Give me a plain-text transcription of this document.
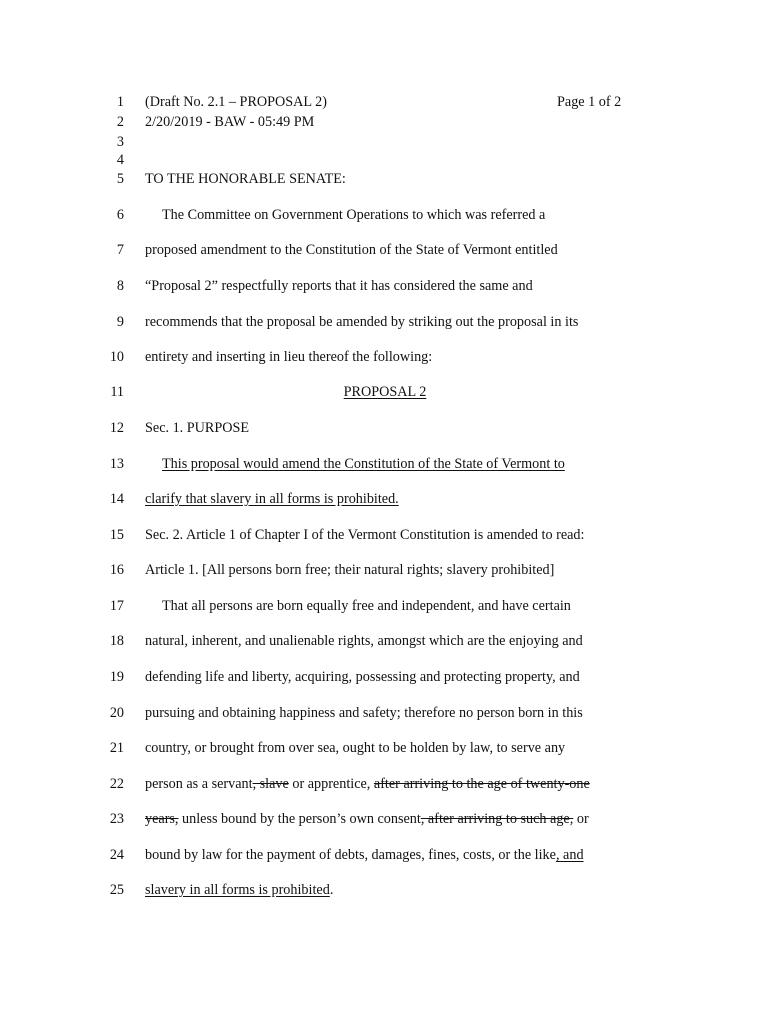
1 (Draft No. 2.1 – PROPOSAL 2)	Page 1 of 2
2 2/20/2019 - BAW - 05:49 PM
3
4
5 TO THE HONORABLE SENATE:
6	The Committee on Government Operations to which was referred a
7 proposed amendment to the Constitution of the State of Vermont entitled
8 “Proposal 2” respectfully reports that it has considered the same and
9 recommends that the proposal be amended by striking out the proposal in its
10 entirety and inserting in lieu thereof the following:
11	PROPOSAL 2
12 Sec. 1. PURPOSE
13	This proposal would amend the Constitution of the State of Vermont to
14 clarify that slavery in all forms is prohibited.
15 Sec. 2. Article 1 of Chapter I of the Vermont Constitution is amended to read:
16 Article 1. [All persons born free; their natural rights; slavery prohibited]
17	That all persons are born equally free and independent, and have certain
18 natural, inherent, and unalienable rights, amongst which are the enjoying and
19 defending life and liberty, acquiring, possessing and protecting property, and
20 pursuing and obtaining happiness and safety; therefore no person born in this
21 country, or brought from over sea, ought to be holden by law, to serve any
22 person as a servant, slave or apprentice, after arriving to the age of twenty-one
23 years, unless bound by the person’s own consent, after arriving to such age, or
24 bound by law for the payment of debts, damages, fines, costs, or the like, and
25 slavery in all forms is prohibited.
